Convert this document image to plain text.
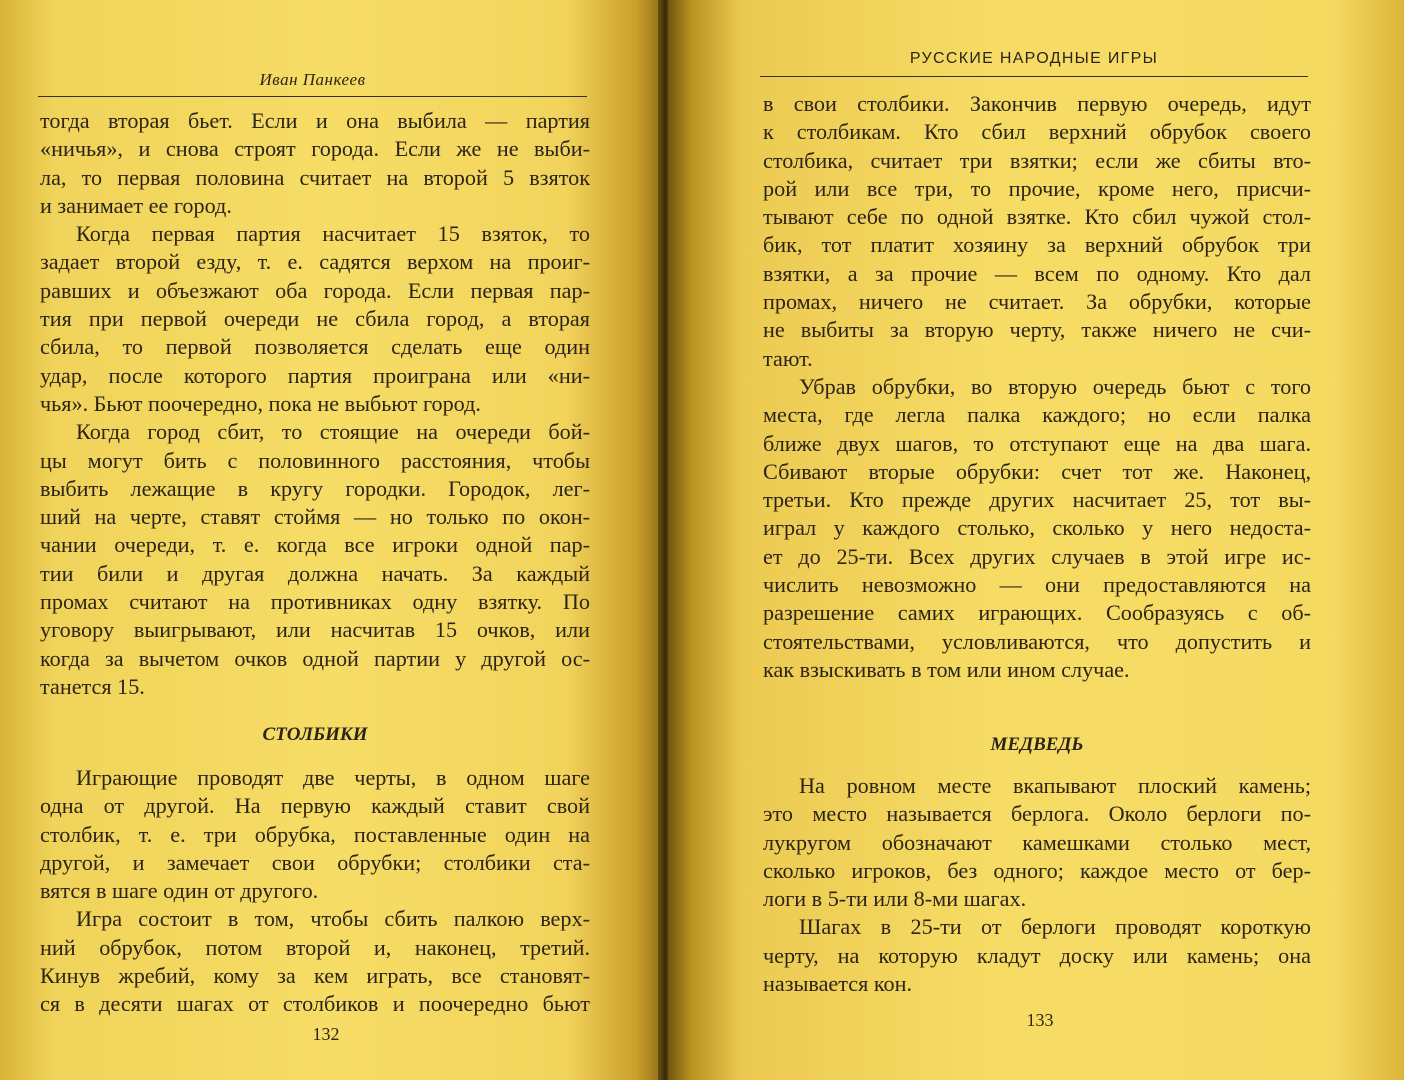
Иван Панкеев
тогда вторая бьет. Если и она выбила — партия
«ничья», и снова строят города. Если же не выби-
ла, то первая половина считает на второй 5 взяток
и занимает ее город.
Когда первая партия насчитает 15 взяток, то
задает второй ездy, т. е. садятся верхом на проиг-
равших и объезжают оба города. Если первая пар-
тия при первой очереди не сбила город, а вторая
сбила, то первой позволяется сделать еще один
удар, после которого партия проиграна или «ни-
чья». Бьют поочередно, пока не выбьют город.
Когда город сбит, то стоящие на очереди бой-
цы могут бить с половинного расстояния, чтобы
выбить лежащие в кругу городки. Городок, лег-
ший на черте, ставят стоймя — но только по окон-
чании очереди, т. е. когда все игроки одной пар-
тии били и другая должна начать. За каждый
промах считают на противниках одну взятку. По
уговору выигрывают, или насчитав 15 очков, или
когда за вычетом очков одной партии у другой ос-
танется 15.
СТОЛБИКИ
Играющие проводят две черты, в одном шаге
одна от другой. На первую каждый ставит свой
столбик, т. е. три обрубка, поставленные один на
другой, и замечает свои обрубки; столбики ста-
вятся в шаге один от другого.
Игра состоит в том, чтобы сбить палкою верх-
ний обрубок, потом второй и, наконец, третий.
Кинув жребий, кому за кем играть, все становят-
ся в десяти шагах от столбиков и поочередно бьют
132
РУССКИЕ НАРОДНЫЕ ИГРЫ
в свои столбики. Закончив первую очередь, идут
к столбикам. Кто сбил верхний обрубок своего
столбика, считает три взятки; если же сбиты вто-
рой или все три, то прочие, кроме него, присчи-
тывают себе по одной взятке. Кто сбил чужой стол-
бик, тот платит хозяину за верхний обрубок три
взятки, а за прочие — всем по одному. Кто дал
промах, ничего не считает. За обрубки, которые
не выбиты за вторую черту, также ничего не счи-
тают.
Убрав обрубки, во вторую очередь бьют с того
места, где легла палка каждого; но если палка
ближе двух шагов, то отступают еще на два шага.
Сбивают вторые обрубки: счет тот же. Наконец,
третьи. Кто прежде других насчитает 25, тот вы-
играл у каждого столько, сколько у него недоста-
ет до 25-ти. Всех других случаев в этой игре ис-
числить невозможно — они предоставляются на
разрешение самих играющих. Сообразуясь с об-
стоятельствами, условливаются, что допустить и
как взыскивать в том или ином случае.
МЕДВЕДЬ
На ровном месте вкапывают плоский камень;
это место называется берлога. Около берлоги по-
лукругом обозначают камешками столько мест,
сколько игроков, без одного; каждое место от бер-
логи в 5-ти или 8-ми шагах.
Шагах в 25-ти от берлоги проводят короткую
черту, на которую кладут доску или камень; она
называется кон.
133
